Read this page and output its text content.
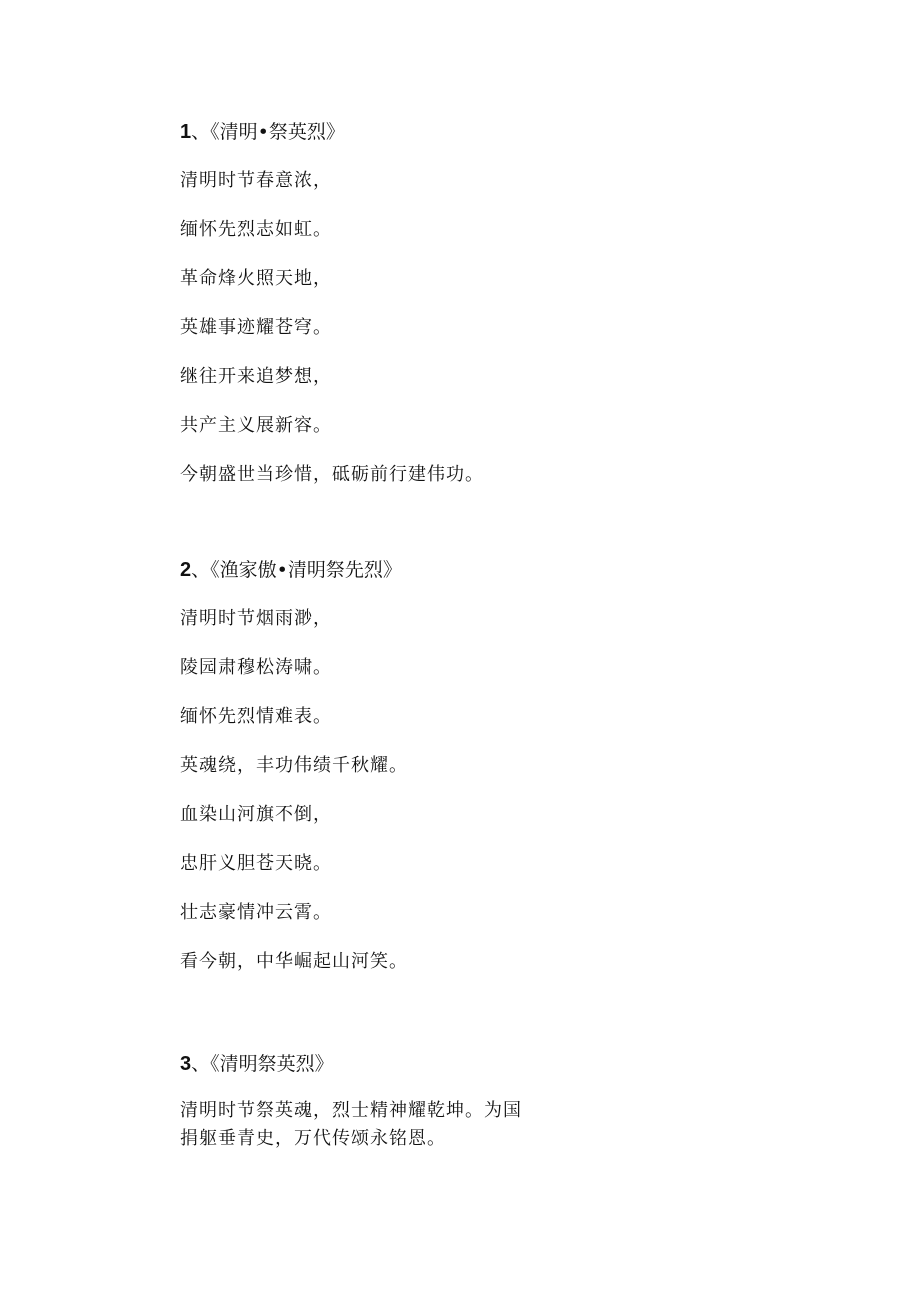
1、《清明•祭英烈》
清明时节春意浓，
缅怀先烈志如虹。
革命烽火照天地，
英雄事迹耀苍穹。
继往开来追梦想，
共产主义展新容。
今朝盛世当珍惜，砥砺前行建伟功。
2、《渔家傲•清明祭先烈》
清明时节烟雨渺，
陵园肃穆松涛啸。
缅怀先烈情难表。
英魂绕，丰功伟绩千秋耀。
血染山河旗不倒，
忠肝义胆苍天晓。
壮志豪情冲云霄。
看今朝，中华崛起山河笑。
3、《清明祭英烈》
清明时节祭英魂，烈士精神耀乾坤。为国捐躯垂青史，万代传颂永铭恩。
